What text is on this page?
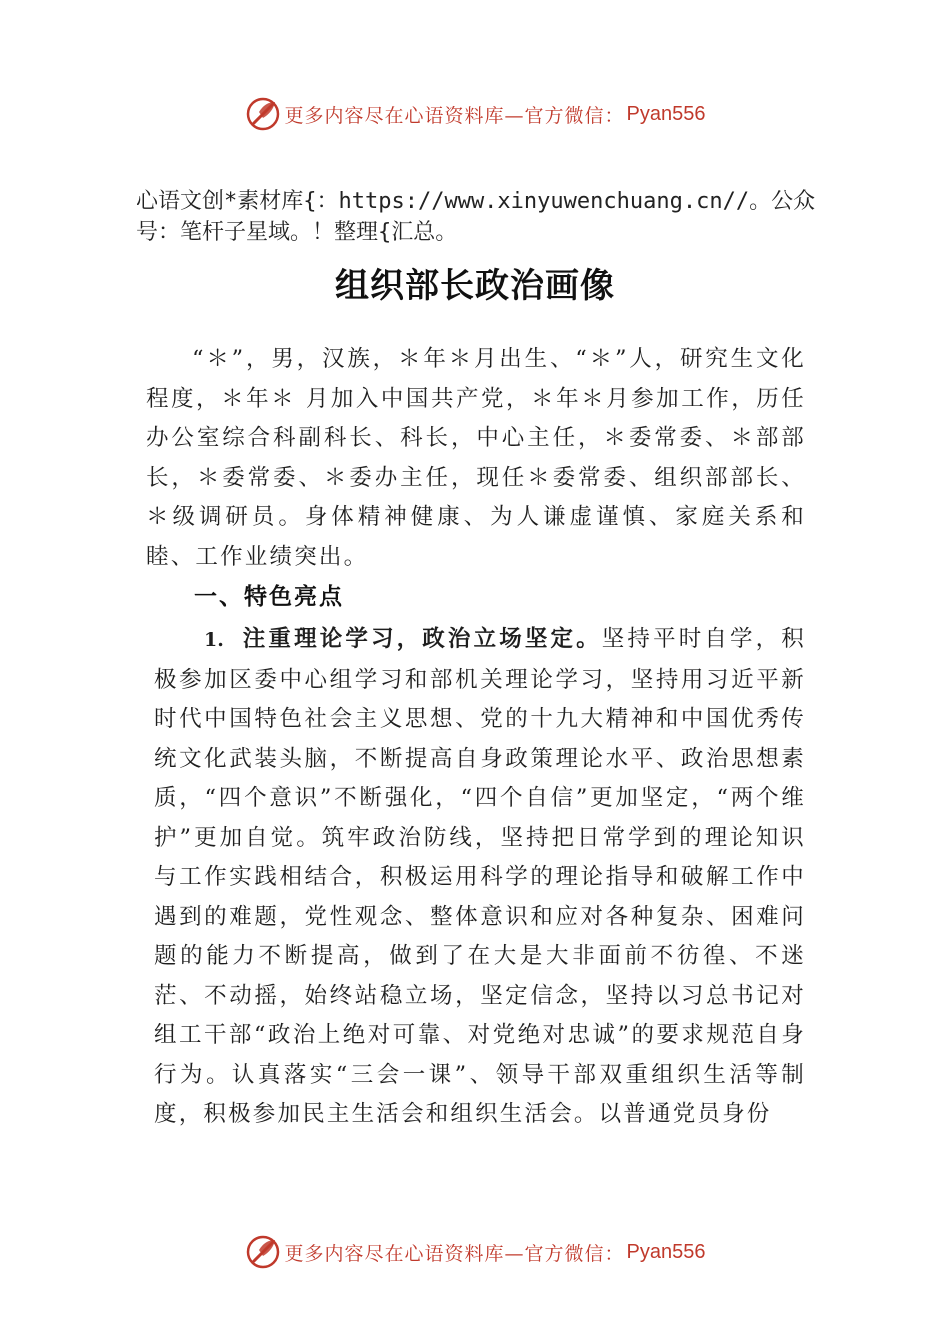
更多内容尽在心语资料库—官方微信： Pyan556
心语文创*素材库{：https://www.xinyuwenchuang.cn//。公众号：笔杆子星域。！整理{汇总。
组织部长政治画像
“＊”，男，汉族，＊年＊月出生、“＊”人，研究生文化程度，＊年＊ 月加入中国共产党，＊年＊月参加工作，历任办公室综合科副科长、科长，中心主任，＊委常委、＊部部长，＊委常委、＊委办主任，现任＊委常委、组织部部长、＊级调研员。身体精神健康、为人谦虚谨慎、家庭关系和睦、工作业绩突出。
一、特色亮点
1. 注重理论学习，政治立场坚定。坚持平时自学，积极参加区委中心组学习和部机关理论学习，坚持用习近平新时代中国特色社会主义思想、党的十九大精神和中国优秀传统文化武装头脑，不断提高自身政策理论水平、政治思想素质，“四个意识”不断强化，“四个自信”更加坚定，“两个维护”更加自觉。筑牢政治防线，坚持把日常学到的理论知识与工作实践相结合，积极运用科学的理论指导和破解工作中遇到的难题，党性观念、整体意识和应对各种复杂、困难问题的能力不断提高，做到了在大是大非面前不彷徨、不迷茫、不动摇，始终站稳立场，坚定信念，坚持以习总书记对组工干部“政治上绝对可靠、对党绝对忠诚”的要求规范自身行为。认真落实“三会一课”、领导干部双重组织生活等制度，积极参加民主生活会和组织生活会。以普通党员身份
更多内容尽在心语资料库—官方微信： Pyan556
